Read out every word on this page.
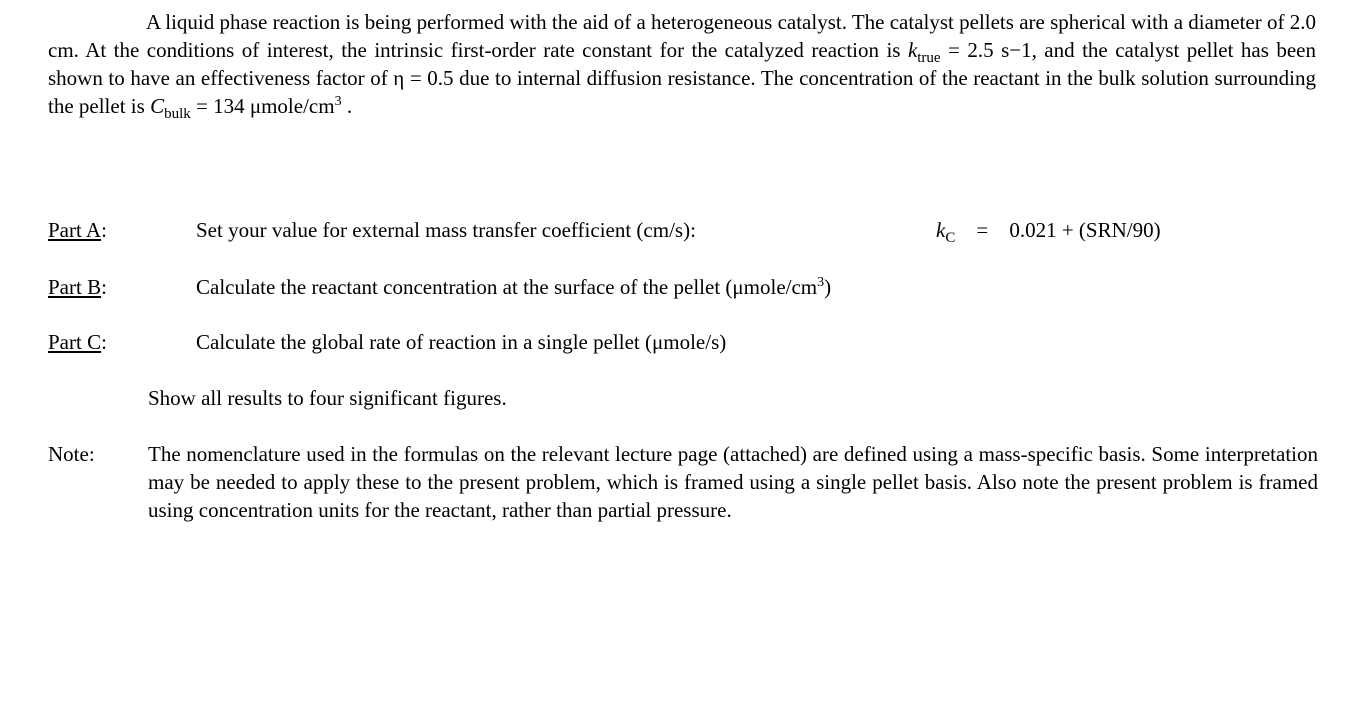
A liquid phase reaction is being performed with the aid of a heterogeneous catalyst. The catalyst pellets are spherical with a diameter of 2.0 cm. At the conditions of interest, the intrinsic first-order rate constant for the catalyzed reaction is $k_{true} = 2.5$ s−1, and the catalyst pellet has been shown to have an effectiveness factor of η = 0.5 due to internal diffusion resistance. The concentration of the reactant in the bulk solution surrounding the pellet is $C_{bulk} = 134$ μmole/$cm^3$ .

Part A:	Set your value for external mass transfer coefficient (cm/s):	$k_C = 0.021 + (SRN/90)$
Part B:	Calculate the reactant concentration at the surface of the pellet $(\mu mole/cm^3)$
Part C:	Calculate the global rate of reaction in a single pellet (μmole/s)
Show all results to four significant figures.
Note:	The nomenclature used in the formulas on the relevant lecture page (attached) are defined using a mass-specific basis. Some interpretation may be needed to apply these to the present problem, which is framed using a single pellet basis. Also note the present problem is framed using concentration units for the reactant, rather than partial pressure.
